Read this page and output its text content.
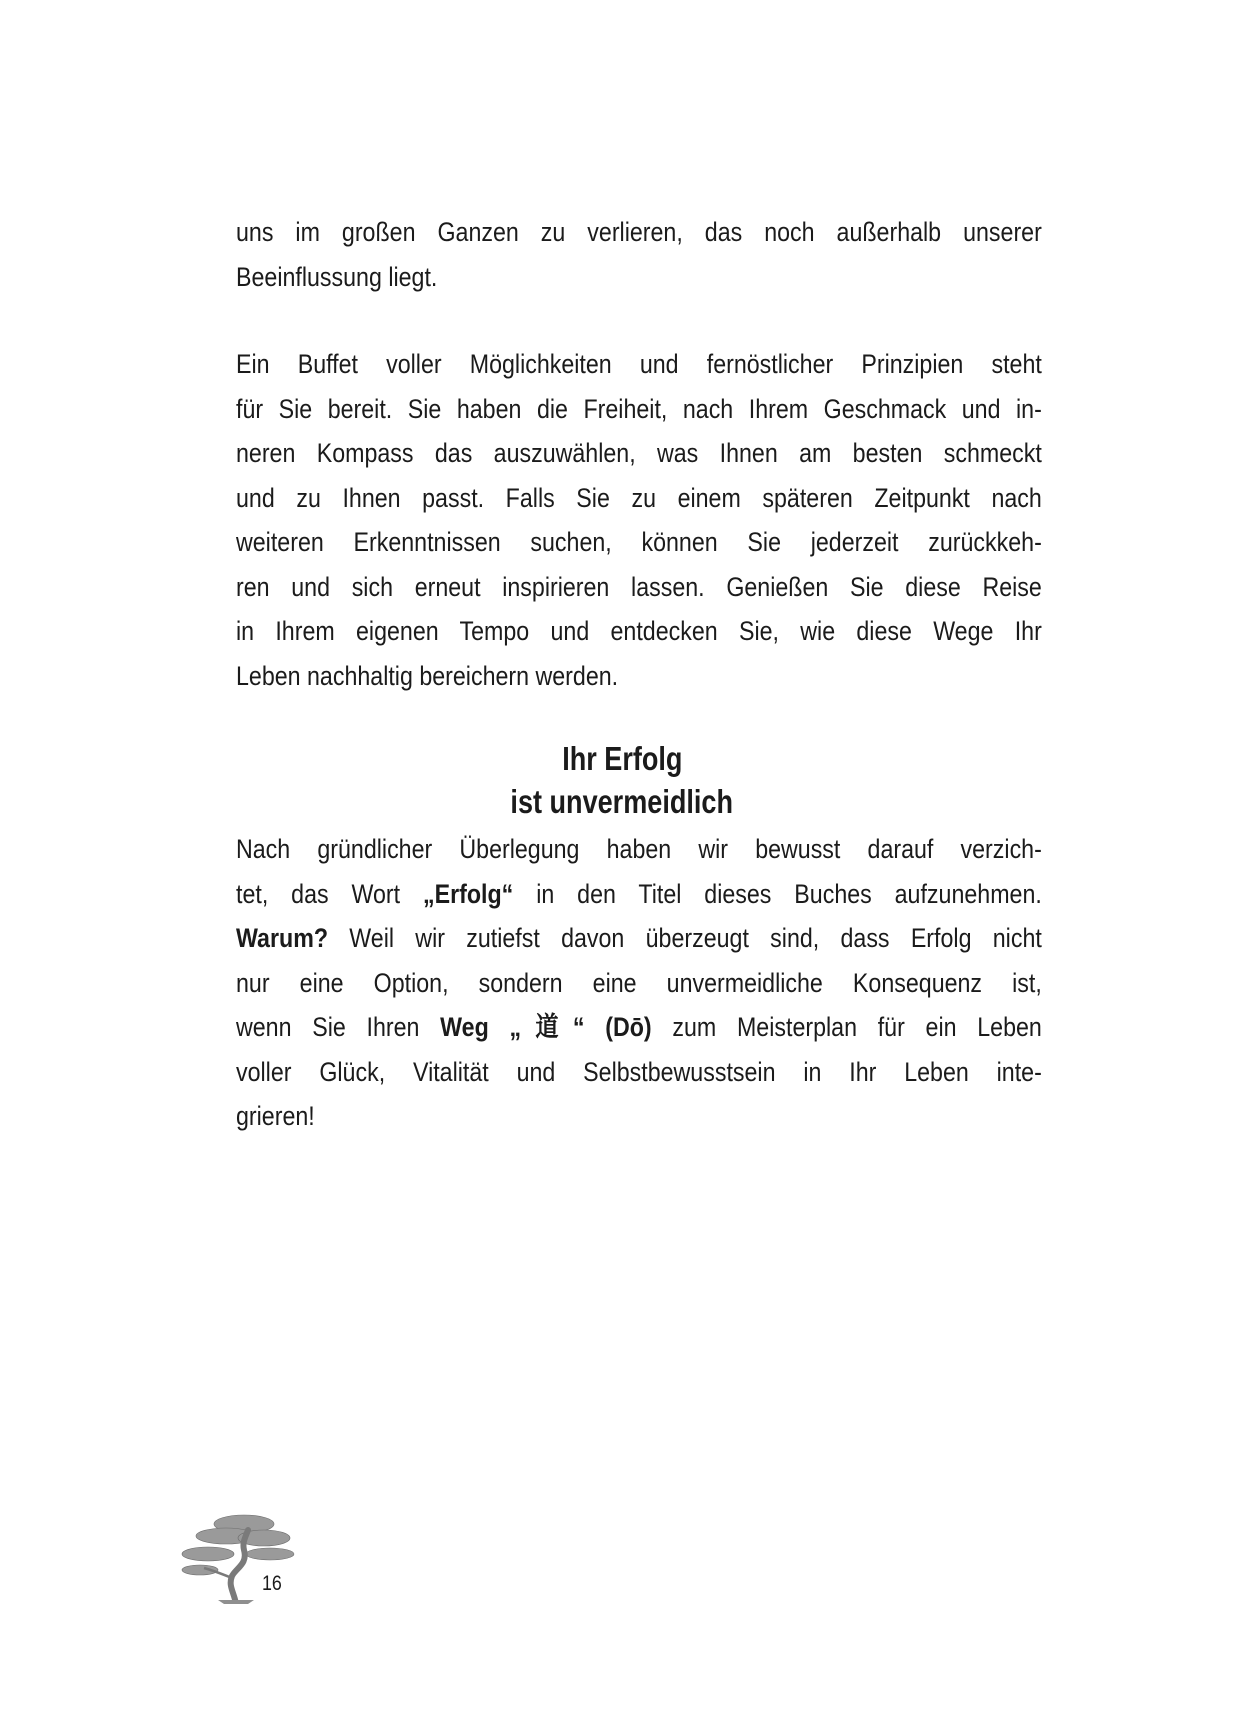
uns im großen Ganzen zu verlieren, das noch außerhalb unserer
Beeinflussung liegt.
Ein Buffet voller Möglichkeiten und fernöstlicher Prinzipien steht
für Sie bereit. Sie haben die Freiheit, nach Ihrem Geschmack und in-
neren Kompass das auszuwählen, was Ihnen am besten schmeckt
und zu Ihnen passt. Falls Sie zu einem späteren Zeitpunkt nach
weiteren Erkenntnissen suchen, können Sie jederzeit zurückkeh-
ren und sich erneut inspirieren lassen. Genießen Sie diese Reise
in Ihrem eigenen Tempo und entdecken Sie, wie diese Wege Ihr
Leben nachhaltig bereichern werden.
Ihr Erfolg
ist unvermeidlich
Nach gründlicher Überlegung haben wir bewusst darauf verzich-
tet, das Wort „Erfolg“ in den Titel dieses Buches aufzunehmen.
Warum? Weil wir zutiefst davon überzeugt sind, dass Erfolg nicht
nur eine Option, sondern eine unvermeidliche Konsequenz ist,
wenn Sie Ihren Weg „道“ (Dō) zum Meisterplan für ein Leben
voller Glück, Vitalität und Selbstbewusstsein in Ihr Leben inte-
grieren!
16
